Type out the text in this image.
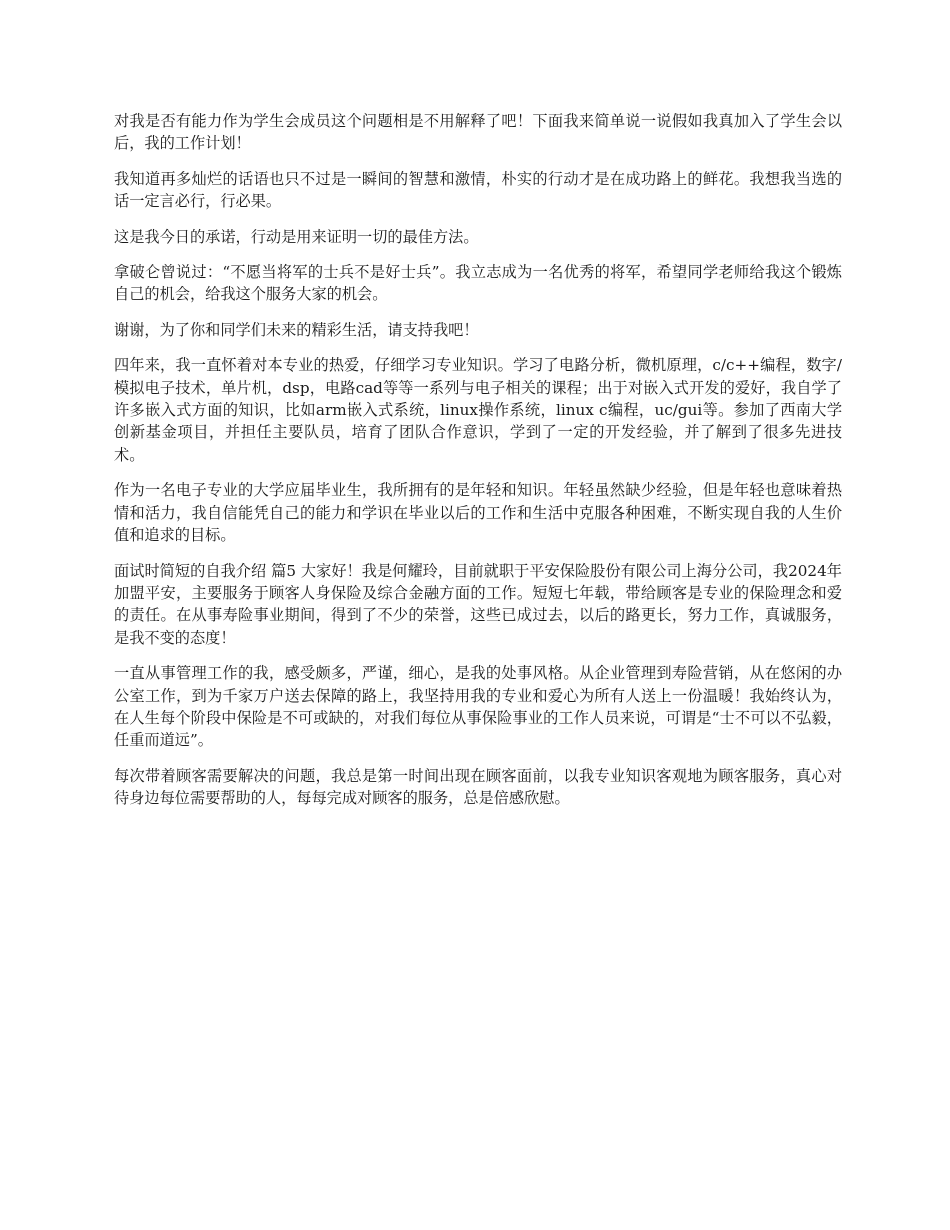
对我是否有能力作为学生会成员这个问题相是不用解释了吧！下面我来简单说一说假如我真加入了学生会以后，我的工作计划！

我知道再多灿烂的话语也只不过是一瞬间的智慧和激情，朴实的行动才是在成功路上的鲜花。我想我当选的话一定言必行，行必果。

这是我今日的承诺，行动是用来证明一切的最佳方法。

拿破仑曾说过：“不愿当将军的士兵不是好士兵”。我立志成为一名优秀的将军，希望同学老师给我这个锻炼自己的机会，给我这个服务大家的机会。

谢谢，为了你和同学们未来的精彩生活，请支持我吧！

四年来，我一直怀着对本专业的热爱，仔细学习专业知识。学习了电路分析，微机原理，c/c++编程，数字/模拟电子技术，单片机，dsp，电路cad等等一系列与电子相关的课程；出于对嵌入式开发的爱好，我自学了许多嵌入式方面的知识，比如arm嵌入式系统，linux操作系统，linux c编程，uc/gui等。参加了西南大学创新基金项目，并担任主要队员，培育了团队合作意识，学到了一定的开发经验，并了解到了很多先进技术。

作为一名电子专业的大学应届毕业生，我所拥有的是年轻和知识。年轻虽然缺少经验，但是年轻也意味着热情和活力，我自信能凭自己的能力和学识在毕业以后的工作和生活中克服各种困难，不断实现自我的人生价值和追求的目标。

面试时简短的自我介绍 篇5 大家好！我是何耀玲，目前就职于平安保险股份有限公司上海分公司，我2024年加盟平安，主要服务于顾客人身保险及综合金融方面的工作。短短七年载，带给顾客是专业的保险理念和爱的责任。在从事寿险事业期间，得到了不少的荣誉，这些已成过去，以后的路更长，努力工作，真诚服务，是我不变的态度！

一直从事管理工作的我，感受颇多，严谨，细心，是我的处事风格。从企业管理到寿险营销，从在悠闲的办公室工作，到为千家万户送去保障的路上，我坚持用我的专业和爱心为所有人送上一份温暖！我始终认为，在人生每个阶段中保险是不可或缺的，对我们每位从事保险事业的工作人员来说，可谓是“士不可以不弘毅，任重而道远”。

每次带着顾客需要解决的问题，我总是第一时间出现在顾客面前，以我专业知识客观地为顾客服务，真心对待身边每位需要帮助的人，每每完成对顾客的服务，总是倍感欣慰。
